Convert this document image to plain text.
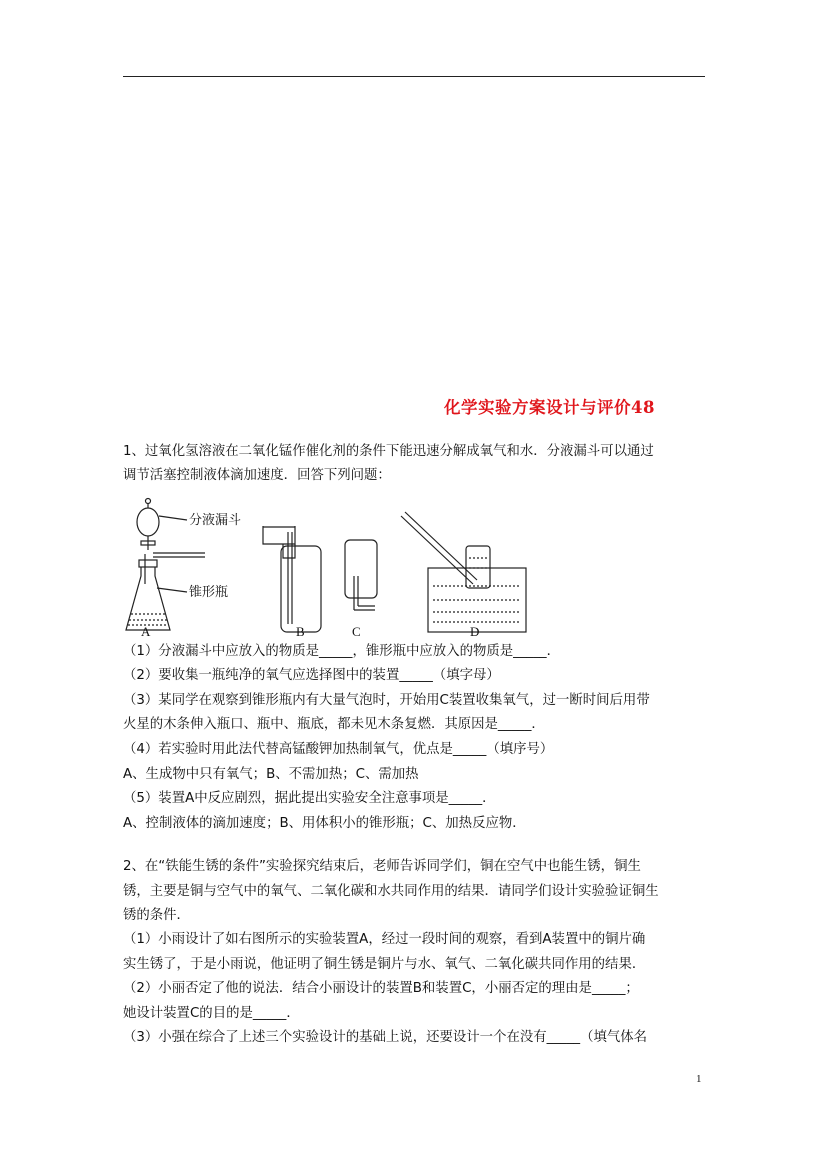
化学实验方案设计与评价48
1、过氧化氢溶液在二氧化锰作催化剂的条件下能迅速分解成氧气和水．分液漏斗可以通过
调节活塞控制液体滴加速度．回答下列问题：
分液漏斗
锥形瓶
A	B	C	D
（1）分液漏斗中应放入的物质是_____，锥形瓶中应放入的物质是_____．
（2）要收集一瓶纯净的氧气应选择图中的装置_____（填字母）
（3）某同学在观察到锥形瓶内有大量气泡时，开始用C装置收集氧气，过一断时间后用带
火星的木条伸入瓶口、瓶中、瓶底，都未见木条复燃．其原因是_____．
（4）若实验时用此法代替高锰酸钾加热制氧气，优点是_____（填序号）
A、生成物中只有氧气；B、不需加热；C、需加热
（5）装置A中反应剧烈，据此提出实验安全注意事项是_____．
A、控制液体的滴加速度；B、用体积小的锥形瓶；C、加热反应物．
2、在“铁能生锈的条件”实验探究结束后，老师告诉同学们，铜在空气中也能生锈，铜生
锈，主要是铜与空气中的氧气、二氧化碳和水共同作用的结果．请同学们设计实验验证铜生
锈的条件．
（1）小雨设计了如右图所示的实验装置A，经过一段时间的观察，看到A装置中的铜片确
实生锈了，于是小雨说，他证明了铜生锈是铜片与水、氧气、二氧化碳共同作用的结果．
（2）小丽否定了他的说法．结合小丽设计的装置B和装置C，小丽否定的理由是_____；
她设计装置C的目的是_____．
（3）小强在综合了上述三个实验设计的基础上说，还要设计一个在没有_____（填气体名
1
